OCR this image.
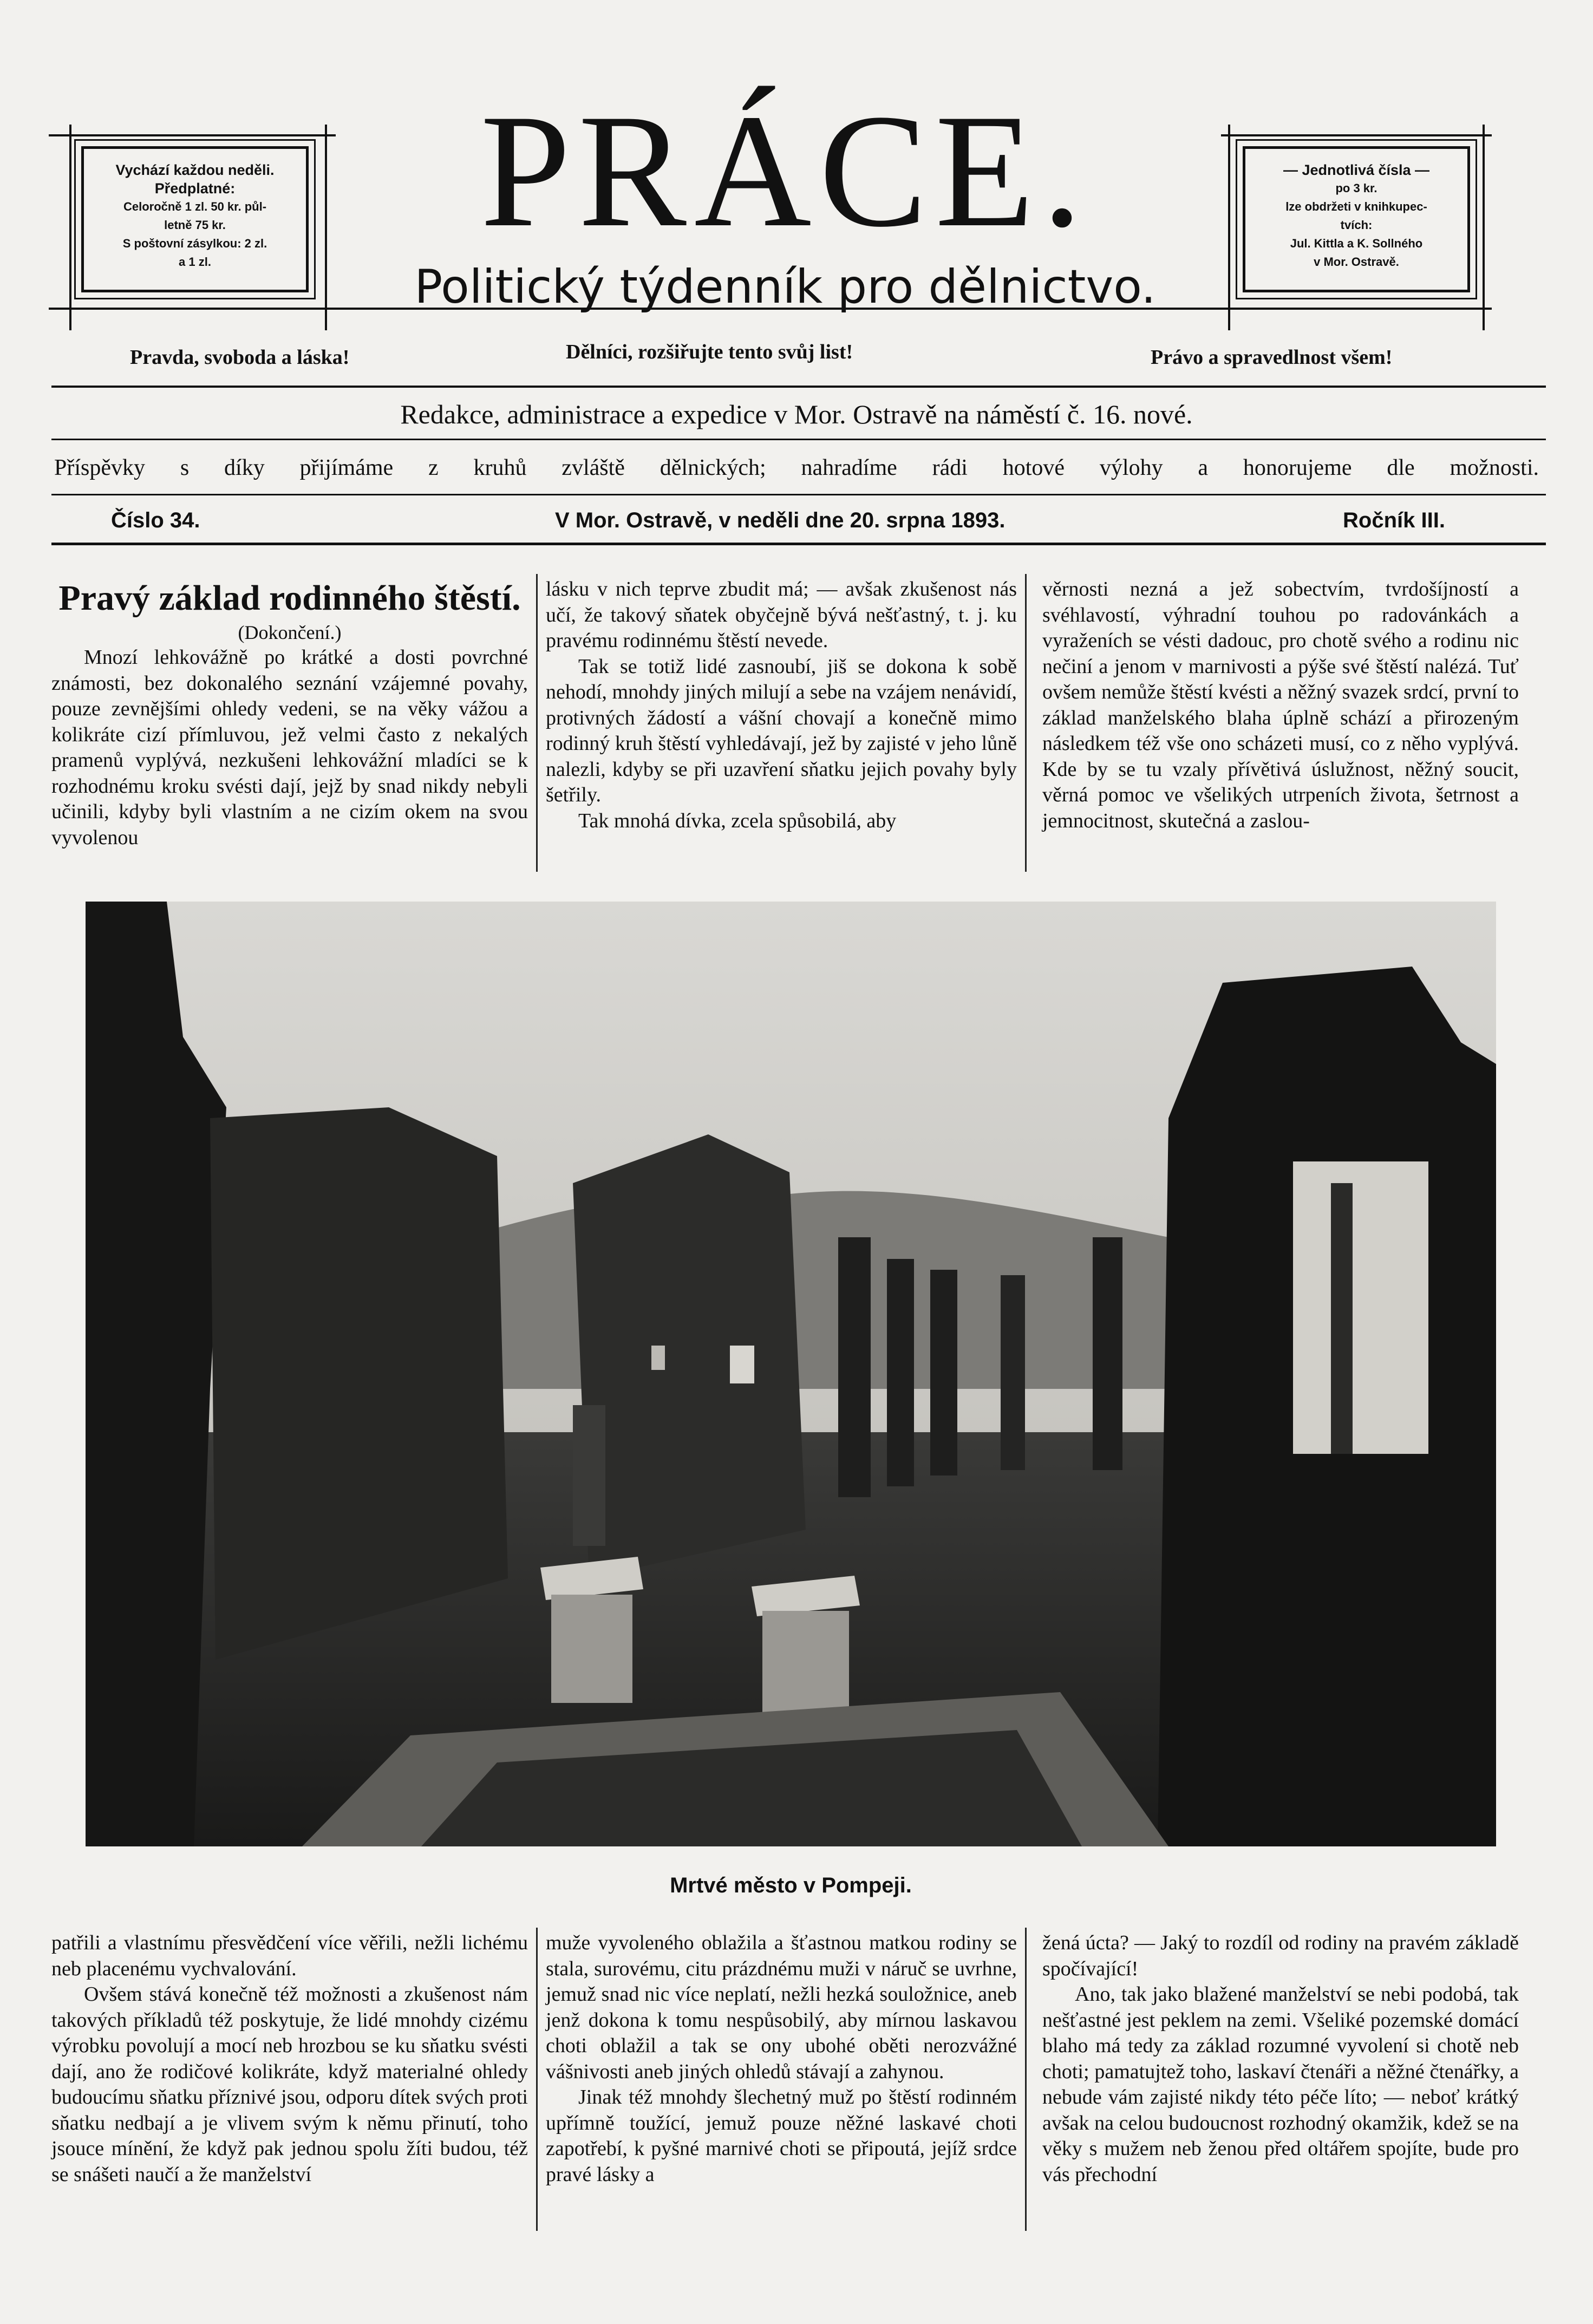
Vychází každou neděli.

Předplatné:

Celoročně 1 zl. 50 kr. půl-

letně 75 kr.

S poštovní zásylkou: 2 zl.

a 1 zl.

— Jednotlivá čísla —

po 3 kr.

lze obdržeti v knihkupec-

tvích:

Jul. Kittla a K. Sollného

v Mor. Ostravě.

PRÁCE.
Politický týdenník pro dělnictvo.
Pravda, svoboda a láska!	Dělníci, rozšiřujte tento svůj list!	Právo a spravedlnost všem!
Redakce, administrace a expedice v Mor. Ostravě na náměstí č. 16. nové.
Příspěvky s díky přijímáme z kruhů zvláště dělnických; nahradíme rádi hotové výlohy a honorujeme dle možnosti.
Číslo 34.	V Mor. Ostravě, v neděli dne 20. srpna 1893.	Ročník III.
Pravý základ rodinného štěstí.

(Dokončení.)

Mnozí lehkovážně po krátké a dosti povrchné známosti, bez dokonalého seznání vzájemné povahy, pouze zevnějšími ohledy vedeni, se na věky vážou a kolikráte cizí přímluvou, jež velmi často z nekalých pramenů vyplývá, nezkušeni lehkovážní mladíci se k rozhodnému kroku svésti dají, jejž by snad nikdy nebyli učinili, kdyby byli vlastním a ne cizím okem na svou vyvolenou

lásku v nich teprve zbudit má; — avšak zkušenost nás učí, že takový sňatek obyčejně bývá nešťastný, t. j. ku pravému rodinnému štěstí nevede.

Tak se totiž lidé zasnoubí, jiš se dokona k sobě nehodí, mnohdy jiných milují a sebe na vzájem nenávidí, protivných žádostí a vášní chovají a konečně mimo rodinný kruh štěstí vyhledávají, jež by zajisté v jeho lůně nalezli, kdyby se při uzavření sňatku jejich povahy byly šetřily.

Tak mnohá dívka, zcela spůsobilá, aby

věrnosti nezná a jež sobectvím, tvrdošíjností a svéhlavostí, výhradní touhou po radovánkách a vyraženích se vésti dadouc, pro chotě svého a rodinu nic nečiní a jenom v marnivosti a pýše své štěstí nalézá. Tuť ovšem nemůže štěstí kvésti a něžný svazek srdcí, první to základ manželského blaha úplně schází a přirozeným následkem též vše ono scházeti musí, co z něho vyplývá. Kde by se tu vzaly přívětivá úslužnost, něžný soucit, věrná pomoc ve všelikých utrpeních života, šetrnost a jemnocitnost, skutečná a zaslou-

Mrtvé město v Pompeji.

patřili a vlastnímu přesvědčení více věřili, nežli lichému neb placenému vychvalování.

Ovšem stává konečně též možnosti a zkušenost nám takových příkladů též poskytuje, že lidé mnohdy cizému výrobku povolují a mocí neb hrozbou se ku sňatku svésti dají, ano že rodičové kolikráte, když materialné ohledy budoucímu sňatku příznivé jsou, odporu dítek svých proti sňatku nedbají a je vlivem svým k němu přinutí, toho jsouce mínění, že když pak jednou spolu žíti budou, též se snášeti naučí a že manželství

muže vyvoleného oblažila a šťastnou matkou rodiny se stala, surovému, citu prázdnému muži v náruč se uvrhne, jemuž snad nic více neplatí, nežli hezká souložnice, aneb jenž dokona k tomu nespůsobilý, aby mírnou laskavou choti oblažil a tak se ony ubohé oběti nerozvážné vášnivosti aneb jiných ohledů stávají a zahynou.

Jinak též mnohdy šlechetný muž po štěstí rodinném upřímně toužící, jemuž pouze něžné laskavé choti zapotřebí, k pyšné marnivé choti se připoutá, jejíž srdce pravé lásky a

žená úcta? — Jaký to rozdíl od rodiny na pravém základě spočívající!

Ano, tak jako blažené manželství se nebi podobá, tak nešťastné jest peklem na zemi. Všeliké pozemské domácí blaho má tedy za základ rozumné vyvolení si chotě neb choti; pamatujtež toho, laskaví čtenáři a něžné čtenářky, a nebude vám zajisté nikdy této péče líto; — neboť krátký avšak na celou budoucnost rozhodný okamžik, kdež se na věky s mužem neb ženou před oltářem spojíte, bude pro vás přechodní
